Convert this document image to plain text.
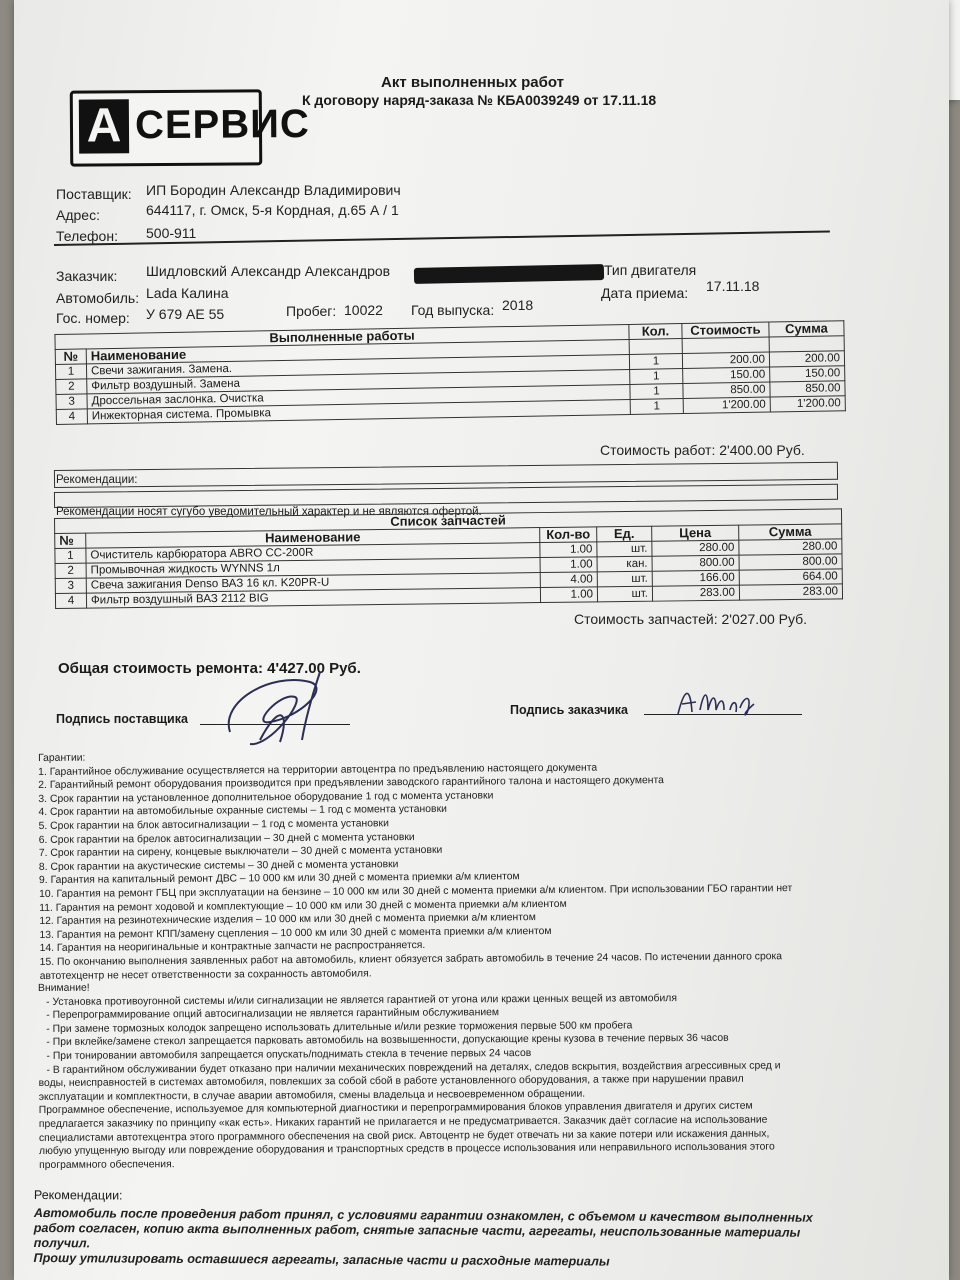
А СЕРВИС
Акт выполненных работ
К договору наряд-заказа № КБА0039249 от 17.11.18
Поставщик: ИП Бородин Александр Владимирович
Адрес:	644117, г. Омск, 5-я Кордная, д.65 А / 1
Телефон: 500-911
Заказчик: Шидловский Александр Александров	Тип двигателя
Автомобиль: Lada Калина	Дата приема: 17.11.18
Гос. номер: У 679 АЕ 55	Пробег: 10022 Год выпуска: 2018
Выполненные работы		Кол.	Стоимость	Сумма
№	Наименование			
1	Свечи зажигания. Замена.	1	200.00	200.00
2	Фильтр воздушный. Замена	1	150.00	150.00
3	Дроссельная заслонка. Очистка	1	850.00	850.00
4	Инжекторная система. Промывка	1	1'200.00	1'200.00
Стоимость работ: 2'400.00 Руб.
Рекомендации:
Рекомендации носят сугубо уведомительный характер и не являются офертой.
Список запчастей					
№	Наименование	Кол-во	Ед.	Цена	Сумма
1	Очиститель карбюратора ABRO CC-200R	1.00	шт.	280.00	280.00
2	Промывочная жидкость WYNNS 1л	1.00	кан.	800.00	800.00
3	Свеча зажигания Denso ВАЗ 16 кл. K20PR-U	4.00	шт.	166.00	664.00
4	Фильтр воздушный ВАЗ 2112 BIG	1.00	шт.	283.00	283.00
Стоимость запчастей: 2'027.00 Руб.
Общая стоимость ремонта: 4'427.00 Руб.
Подпись поставщика
Подпись заказчика
Гарантии:
1. Гарантийное обслуживание осуществляется на территории автоцентра по предъявлению настоящего документа
2. Гарантийный ремонт оборудования производится при предъявлении заводского гарантийного талона и настоящего документа
3. Срок гарантии на установленное дополнительное оборудование 1 год с момента установки
4. Срок гарантии на автомобильные охранные системы – 1 год с момента установки
5. Срок гарантии на блок автосигнализации – 1 год с момента установки
6. Срок гарантии на брелок автосигнализации – 30 дней с момента установки
7. Срок гарантии на сирену, концевые выключатели – 30 дней с момента установки
8. Срок гарантии на акустические системы – 30 дней с момента установки
9. Гарантия на капитальный ремонт ДВС – 10 000 км или 30 дней с момента приемки а/м клиентом
10. Гарантия на ремонт ГБЦ при эксплуатации на бензине – 10 000 км или 30 дней с момента приемки а/м клиентом. При использовании ГБО гарантии нет
11. Гарантия на ремонт ходовой и комплектующие – 10 000 км или 30 дней с момента приемки а/м клиентом
12. Гарантия на резинотехнические изделия – 10 000 км или 30 дней с момента приемки а/м клиентом
13. Гарантия на ремонт КПП/замену сцепления – 10 000 км или 30 дней с момента приемки а/м клиентом
14. Гарантия на неоригинальные и контрактные запчасти не распространяется.
15. По окончанию выполнения заявленных работ на автомобиль, клиент обязуется забрать автомобиль в течение 24 часов. По истечении данного срока
автотехцентр не несет ответственности за сохранность автомобиля.
Внимание!
- Установка противоугонной системы и/или сигнализации не является гарантией от угона или кражи ценных вещей из автомобиля
- Перепрограммирование опций автосигнализации не является гарантийным обслуживанием
- При замене тормозных колодок запрещено использовать длительные и/или резкие торможения первые 500 км пробега
- При вклейке/замене стекол запрещается парковать автомобиль на возвышенности, допускающие крены кузова в течение первых 36 часов
- При тонировании автомобиля запрещается опускать/поднимать стекла в течение первых 24 часов
- В гарантийном обслуживании будет отказано при наличии механических повреждений на деталях, следов вскрытия, воздействия агрессивных сред и
воды, неисправностей в системах автомобиля, повлекших за собой сбой в работе установленного оборудования, а также при нарушении правил
эксплуатации и комплектности, в случае аварии автомобиля, смены владельца и несвоевременном обращении.
Программное обеспечение, используемое для компьютерной диагностики и перепрограммирования блоков управления двигателя и других систем
предлагается заказчику по принципу «как есть». Никаких гарантий не прилагается и не предусматривается. Заказчик даёт согласие на использование
специалистами автотехцентра этого программного обеспечения на свой риск. Автоцентр не будет отвечать ни за какие потери или искажения данных,
любую упущенную выгоду или повреждение оборудования и транспортных средств в процессе использования или неправильного использования этого
программного обеспечения.
Рекомендации:
Автомобиль после проведения работ принял, с условиями гарантии ознакомлен, с объемом и качеством выполненных
работ согласен, копию акта выполненных работ, снятые запасные части, агрегаты, неиспользованные материалы
получил.
Прошу утилизировать оставшиеся агрегаты, запасные части и расходные материалы
